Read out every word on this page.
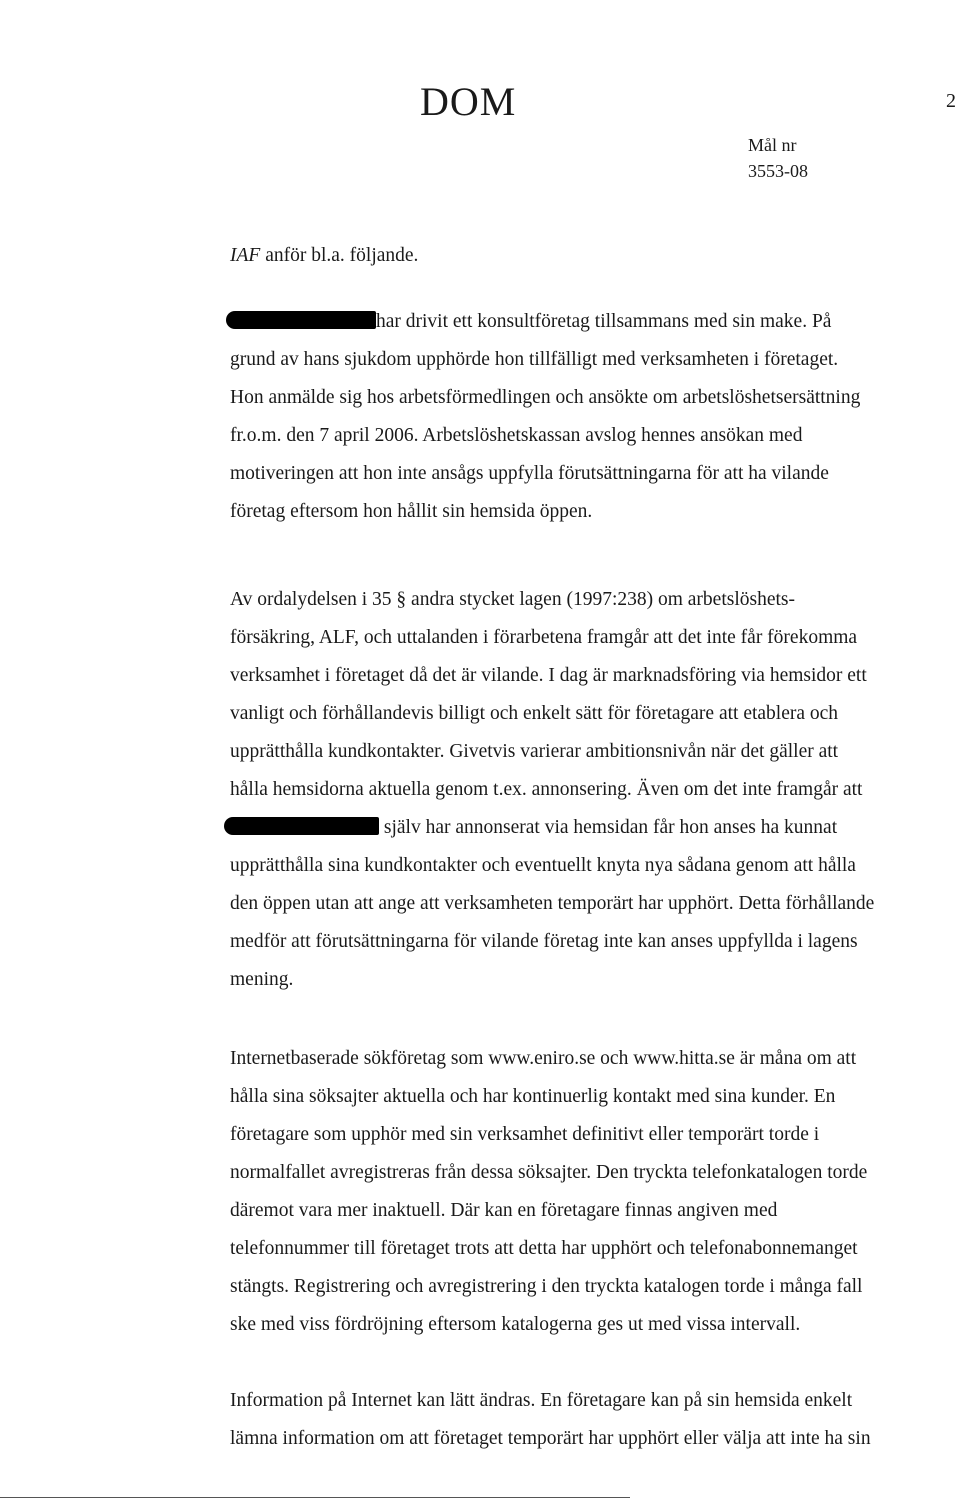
DOM	2
Mål nr
3553-08
IAF anför bl.a. följande.
har drivit ett konsultföretag tillsammans med sin make. På
grund av hans sjukdom upphörde hon tillfälligt med verksamheten i företaget.
Hon anmälde sig hos arbetsförmedlingen och ansökte om arbetslöshetsersättning
fr.o.m. den 7 april 2006. Arbetslöshetskassan avslog hennes ansökan med
motiveringen att hon inte ansågs uppfylla förutsättningarna för att ha vilande
företag eftersom hon hållit sin hemsida öppen.
Av ordalydelsen i 35 § andra stycket lagen (1997:238) om arbetslöshets-
försäkring, ALF, och uttalanden i förarbetena framgår att det inte får förekomma
verksamhet i företaget då det är vilande. I dag är marknadsföring via hemsidor ett
vanligt och förhållandevis billigt och enkelt sätt för företagare att etablera och
upprätthålla kundkontakter. Givetvis varierar ambitionsnivån när det gäller att
hålla hemsidorna aktuella genom t.ex. annonsering. Även om det inte framgår att
själv har annonserat via hemsidan får hon anses ha kunnat
upprätthålla sina kundkontakter och eventuellt knyta nya sådana genom att hålla
den öppen utan att ange att verksamheten temporärt har upphört. Detta förhållande
medför att förutsättningarna för vilande företag inte kan anses uppfyllda i lagens
mening.
Internetbaserade sökföretag som www.eniro.se och www.hitta.se är måna om att
hålla sina söksajter aktuella och har kontinuerlig kontakt med sina kunder. En
företagare som upphör med sin verksamhet definitivt eller temporärt torde i
normalfallet avregistreras från dessa söksajter. Den tryckta telefonkatalogen torde
däremot vara mer inaktuell. Där kan en företagare finnas angiven med
telefonnummer till företaget trots att detta har upphört och telefonabonnemanget
stängts. Registrering och avregistrering i den tryckta katalogen torde i många fall
ske med viss fördröjning eftersom katalogerna ges ut med vissa intervall.
Information på Internet kan lätt ändras. En företagare kan på sin hemsida enkelt
lämna information om att företaget temporärt har upphört eller välja att inte ha sin
